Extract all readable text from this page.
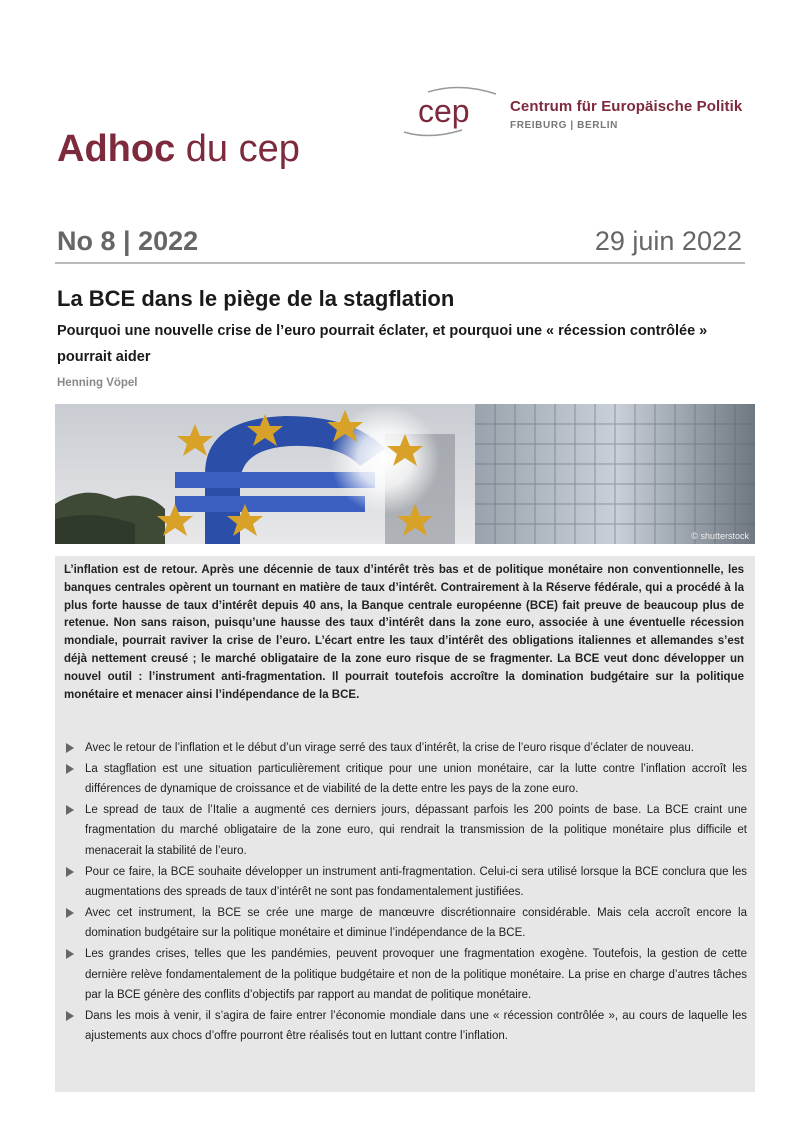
cep	Centrum für Europäische Politik
FREIBURG | BERLIN
Adhoc du cep
No 8 | 2022	29 juin 2022
La BCE dans le piège de la stagflation
Pourquoi une nouvelle crise de l’euro pourrait éclater, et pourquoi une « récession contrôlée » pourrait aider
Henning Vöpel
© shutterstock
L’inflation est de retour. Après une décennie de taux d’intérêt très bas et de politique monétaire non conventionnelle, les banques centrales opèrent un tournant en matière de taux d’intérêt. Contrairement à la Réserve fédérale, qui a procédé à la plus forte hausse de taux d’intérêt depuis 40 ans, la Banque centrale européenne (BCE) fait preuve de beaucoup plus de retenue. Non sans raison, puisqu’une hausse des taux d’intérêt dans la zone euro, associée à une éventuelle récession mondiale, pourrait raviver la crise de l’euro. L’écart entre les taux d’intérêt des obligations italiennes et allemandes s’est déjà nettement creusé ; le marché obligataire de la zone euro risque de se fragmenter. La BCE veut donc développer un nouvel outil : l’instrument anti-fragmentation. Il pourrait toutefois accroître la domination budgétaire sur la politique monétaire et menacer ainsi l’indépendance de la BCE.
Avec le retour de l’inflation et le début d’un virage serré des taux d’intérêt, la crise de l’euro risque d’éclater de nouveau.
La stagflation est une situation particulièrement critique pour une union monétaire, car la lutte contre l’inflation accroît les différences de dynamique de croissance et de viabilité de la dette entre les pays de la zone euro.
Le spread de taux de l’Italie a augmenté ces derniers jours, dépassant parfois les 200 points de base. La BCE craint une fragmentation du marché obligataire de la zone euro, qui rendrait la transmission de la politique monétaire plus difficile et menacerait la stabilité de l’euro.
Pour ce faire, la BCE souhaite développer un instrument anti-fragmentation. Celui-ci sera utilisé lorsque la BCE conclura que les augmentations des spreads de taux d’intérêt ne sont pas fondamentalement justifiées.
Avec cet instrument, la BCE se crée une marge de manœuvre discrétionnaire considérable. Mais cela accroît encore la domination budgétaire sur la politique monétaire et diminue l’indépendance de la BCE.
Les grandes crises, telles que les pandémies, peuvent provoquer une fragmentation exogène. Toutefois, la gestion de cette dernière relève fondamentalement de la politique budgétaire et non de la politique monétaire. La prise en charge d’autres tâches par la BCE génère des conflits d’objectifs par rapport au mandat de politique monétaire.
Dans les mois à venir, il s’agira de faire entrer l’économie mondiale dans une « récession contrôlée », au cours de laquelle les ajustements aux chocs d’offre pourront être réalisés tout en luttant contre l’inflation.
